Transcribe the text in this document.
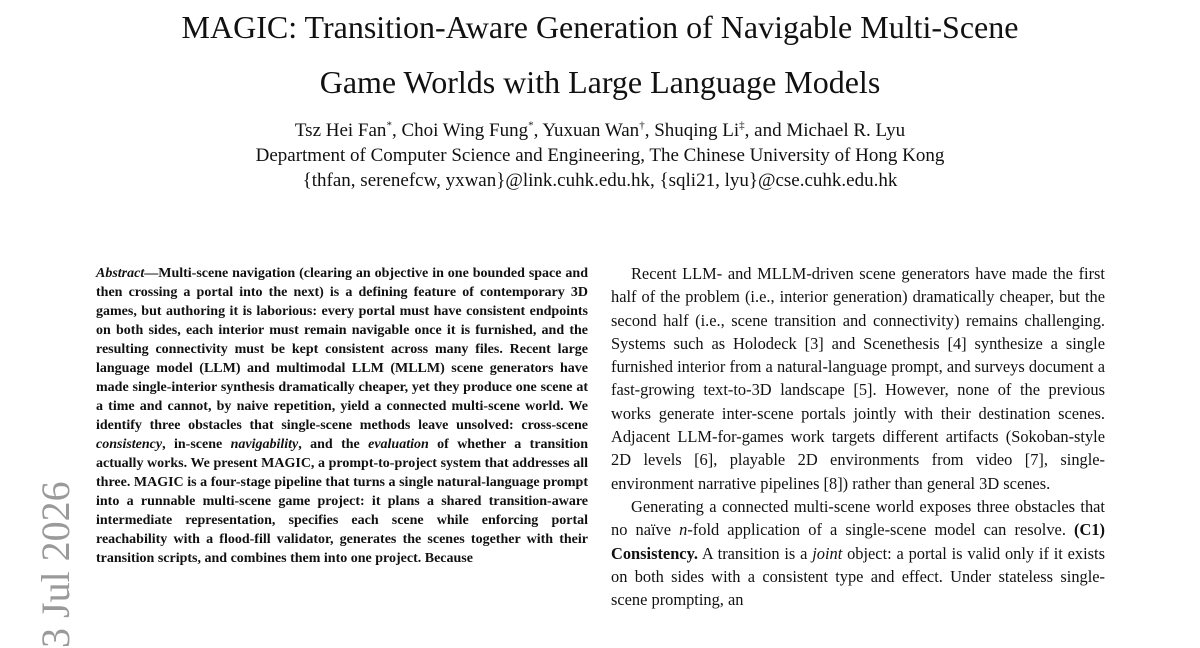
MAGIC: Transition-Aware Generation of Navigable Multi-Scene
Game Worlds with Large Language Models
Tsz Hei Fan*, Choi Wing Fung*, Yuxuan Wan†, Shuqing Li‡, and Michael R. Lyu
Department of Computer Science and Engineering, The Chinese University of Hong Kong
{thfan, serenefcw, yxwan}@link.cuhk.edu.hk, {sqli21, lyu}@cse.cuhk.edu.hk

Abstract—Multi-scene navigation (clearing an objective in one bounded space and then crossing a portal into the next) is a defining feature of contemporary 3D games, but authoring it is laborious: every portal must have consistent endpoints on both sides, each interior must remain navigable once it is furnished, and the resulting connectivity must be kept consistent across many files. Recent large language model (LLM) and multimodal LLM (MLLM) scene generators have made single-interior synthesis dramatically cheaper, yet they produce one scene at a time and cannot, by naive repetition, yield a connected multi-scene world. We identify three obstacles that single-scene methods leave unsolved: cross-scene consistency, in-scene navigability, and the evaluation of whether a transition actually works. We present MAGIC, a prompt-to-project system that addresses all three. MAGIC is a four-stage pipeline that turns a single natural-language prompt into a runnable multi-scene game project: it plans a shared transition-aware intermediate representation, specifies each scene while enforcing portal reachability with a flood-fill validator, generates the scenes together with their transition scripts, and combines them into one project. Because

Recent LLM- and MLLM-driven scene generators have made the first half of the problem (i.e., interior generation) dramatically cheaper, but the second half (i.e., scene transition and connectivity) remains challenging. Systems such as Holodeck [3] and Scenethesis [4] synthesize a single furnished interior from a natural-language prompt, and surveys document a fast-growing text-to-3D landscape [5]. However, none of the previous works generate inter-scene portals jointly with their destination scenes. Adjacent LLM-for-games work targets different artifacts (Sokoban-style 2D levels [6], playable 2D environments from video [7], single-environment narrative pipelines [8]) rather than general 3D scenes.

Generating a connected multi-scene world exposes three obstacles that no naïve n-fold application of a single-scene model can resolve. (C1) Consistency. A transition is a joint object: a portal is valid only if it exists on both sides with a consistent type and effect. Under stateless single-scene prompting, an

3 Jul 2026
